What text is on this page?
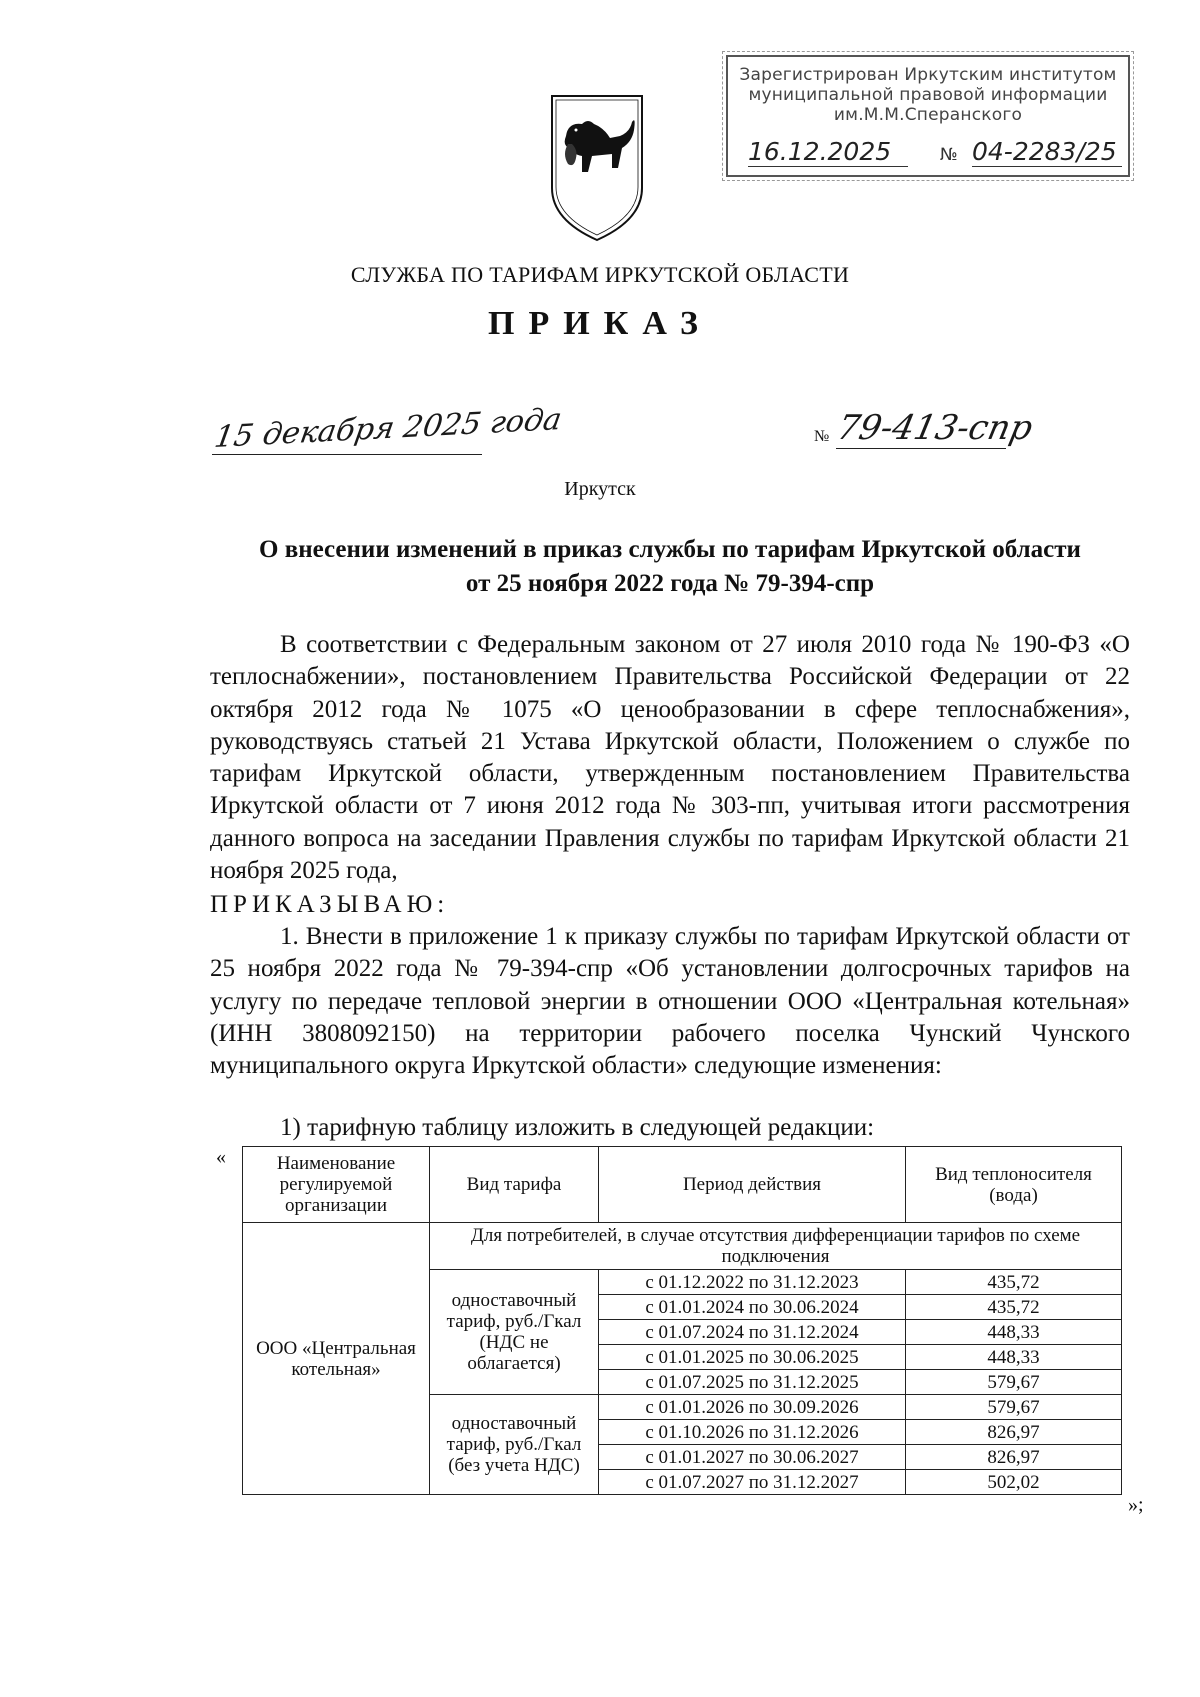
Зарегистрирован Иркутским институтом
муниципальной правовой информации
им.М.М.Сперанского
16.12.2025	№ 04-2283/25
СЛУЖБА ПО ТАРИФАМ ИРКУТСКОЙ ОБЛАСТИ
ПРИКАЗ
15 декабря 2025 года	№ 79-413-спр
Иркутск
О внесении изменений в приказ службы по тарифам Иркутской области
от 25 ноября 2022 года № 79-394-спр
В соответствии с Федеральным законом от 27 июля 2010 года № 190-ФЗ «О теплоснабжении», постановлением Правительства Российской Федерации от 22 октября 2012 года № 1075 «О ценообразовании в сфере теплоснабжения», руководствуясь статьей 21 Устава Иркутской области, Положением о службе по тарифам Иркутской области, утвержденным постановлением Правительства Иркутской области от 7 июня 2012 года № 303-пп, учитывая итоги рассмотрения данного вопроса на заседании Правления службы по тарифам Иркутской области 21 ноября 2025 года,
ПРИКАЗЫВАЮ:
1. Внести в приложение 1 к приказу службы по тарифам Иркутской области от 25 ноября 2022 года № 79-394-спр «Об установлении долгосрочных тарифов на услугу по передаче тепловой энергии в отношении ООО «Центральная котельная» (ИНН 3808092150) на территории рабочего поселка Чунский Чунского муниципального округа Иркутской области» следующие изменения:
1) тарифную таблицу изложить в следующей редакции:
«	Наименование регулируемой организации	Вид тарифа	Период действия	Вид теплоносителя (вода)
ООО «Центральная котельная»	Для потребителей, в случае отсутствия дифференциации тарифов по схеме подключения		
	одноставочный тариф, руб./Гкал (НДС не облагается)	с 01.12.2022 по 31.12.2023	435,72
		с 01.01.2024 по 30.06.2024	435,72
		с 01.07.2024 по 31.12.2024	448,33
		с 01.01.2025 по 30.06.2025	448,33
		с 01.07.2025 по 31.12.2025	579,67
	одноставочный тариф, руб./Гкал (без учета НДС)	с 01.01.2026 по 30.09.2026	579,67
		с 01.10.2026 по 31.12.2026	826,97
		с 01.01.2027 по 30.06.2027	826,97
		с 01.07.2027 по 31.12.2027	502,02
»;
